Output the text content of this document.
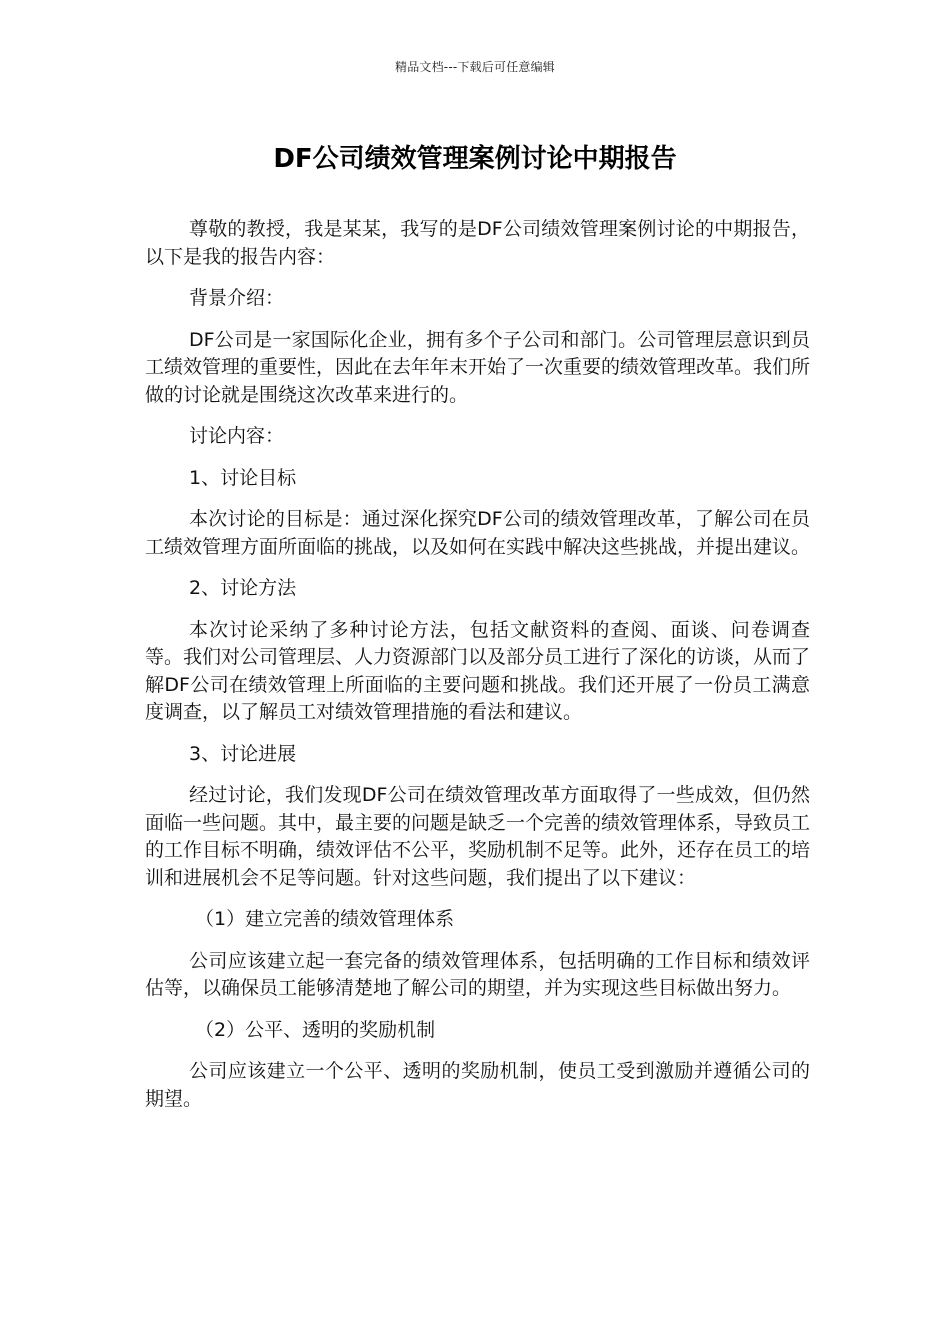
精品文档---下载后可任意编辑
DF公司绩效管理案例讨论中期报告

尊敬的教授，我是某某，我写的是DF公司绩效管理案例讨论的中期报告，以下是我的报告内容：

背景介绍：

DF公司是一家国际化企业，拥有多个子公司和部门。公司管理层意识到员工绩效管理的重要性，因此在去年年末开始了一次重要的绩效管理改革。我们所做的讨论就是围绕这次改革来进行的。

讨论内容：

1、讨论目标

本次讨论的目标是：通过深化探究DF公司的绩效管理改革，了解公司在员工绩效管理方面所面临的挑战，以及如何在实践中解决这些挑战，并提出建议。

2、讨论方法

本次讨论采纳了多种讨论方法，包括文献资料的查阅、面谈、问卷调查等。我们对公司管理层、人力资源部门以及部分员工进行了深化的访谈，从而了解DF公司在绩效管理上所面临的主要问题和挑战。我们还开展了一份员工满意度调查，以了解员工对绩效管理措施的看法和建议。

3、讨论进展

经过讨论，我们发现DF公司在绩效管理改革方面取得了一些成效，但仍然面临一些问题。其中，最主要的问题是缺乏一个完善的绩效管理体系，导致员工的工作目标不明确，绩效评估不公平，奖励机制不足等。此外，还存在员工的培训和进展机会不足等问题。针对这些问题，我们提出了以下建议：

（1）建立完善的绩效管理体系

公司应该建立起一套完备的绩效管理体系，包括明确的工作目标和绩效评估等，以确保员工能够清楚地了解公司的期望，并为实现这些目标做出努力。

（2）公平、透明的奖励机制

公司应该建立一个公平、透明的奖励机制，使员工受到激励并遵循公司的期望。
